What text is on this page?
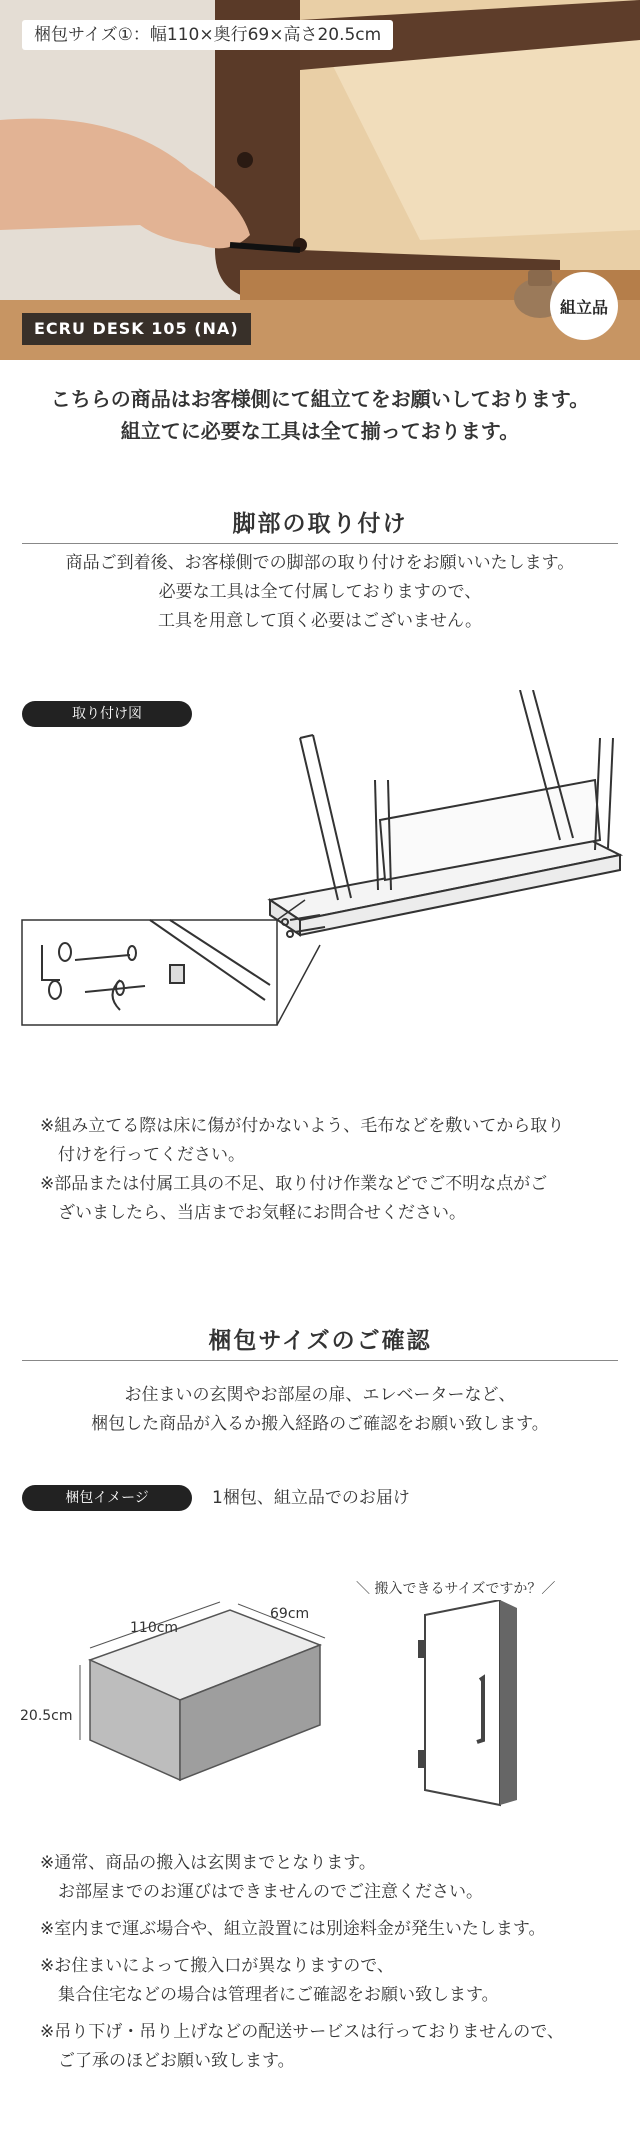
梱包サイズ①：幅110×奥行69×高さ20.5cm
ECRU DESK 105 (NA)
組立品
こちらの商品はお客様側にて組立てをお願いしております。
組立てに必要な工具は全て揃っております。
脚部の取り付け
商品ご到着後、お客様側での脚部の取り付けをお願いいたします。
必要な工具は全て付属しておりますので、
工具を用意して頂く必要はございません。
取り付け図
※組み立てる際は床に傷が付かないよう、毛布などを敷いてから取り
付けを行ってください。
※部品または付属工具の不足、取り付け作業などでご不明な点がご
ざいましたら、当店までお気軽にお問合せください。
梱包サイズのご確認
お住まいの玄関やお部屋の扉、エレベーターなど、
梱包した商品が入るか搬入経路のご確認をお願い致します。
梱包イメージ	1梱包、組立品でのお届け
110cm
69cm
20.5cm
＼ 搬入できるサイズですか？／
※通常、商品の搬入は玄関までとなります。
お部屋までのお運びはできませんのでご注意ください。
※室内まで運ぶ場合や、組立設置には別途料金が発生いたします。
※お住まいによって搬入口が異なりますので、
集合住宅などの場合は管理者にご確認をお願い致します。
※吊り下げ・吊り上げなどの配送サービスは行っておりませんので、
ご了承のほどお願い致します。
